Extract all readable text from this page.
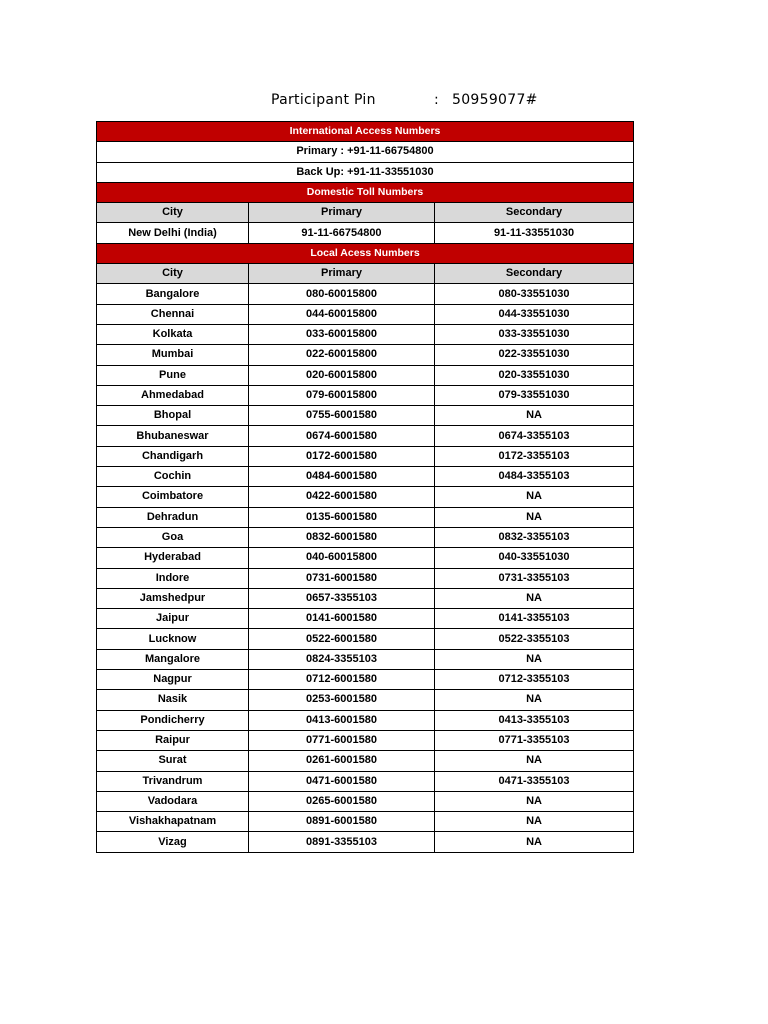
Participant Pin	: 50959077#
International Access Numbers		
Primary : +91-11-66754800		
Back Up: +91-11-33551030		
Domestic Toll Numbers		
City	Primary	Secondary
New Delhi (India)	91-11-66754800	91-11-33551030
Local Acess Numbers		
City	Primary	Secondary
Bangalore	080-60015800	080-33551030
Chennai	044-60015800	044-33551030
Kolkata	033-60015800	033-33551030
Mumbai	022-60015800	022-33551030
Pune	020-60015800	020-33551030
Ahmedabad	079-60015800	079-33551030
Bhopal	0755-6001580	NA
Bhubaneswar	0674-6001580	0674-3355103
Chandigarh	0172-6001580	0172-3355103
Cochin	0484-6001580	0484-3355103
Coimbatore	0422-6001580	NA
Dehradun	0135-6001580	NA
Goa	0832-6001580	0832-3355103
Hyderabad	040-60015800	040-33551030
Indore	0731-6001580	0731-3355103
Jamshedpur	0657-3355103	NA
Jaipur	0141-6001580	0141-3355103
Lucknow	0522-6001580	0522-3355103
Mangalore	0824-3355103	NA
Nagpur	0712-6001580	0712-3355103
Nasik	0253-6001580	NA
Pondicherry	0413-6001580	0413-3355103
Raipur	0771-6001580	0771-3355103
Surat	0261-6001580	NA
Trivandrum	0471-6001580	0471-3355103
Vadodara	0265-6001580	NA
Vishakhapatnam	0891-6001580	NA
Vizag	0891-3355103	NA
